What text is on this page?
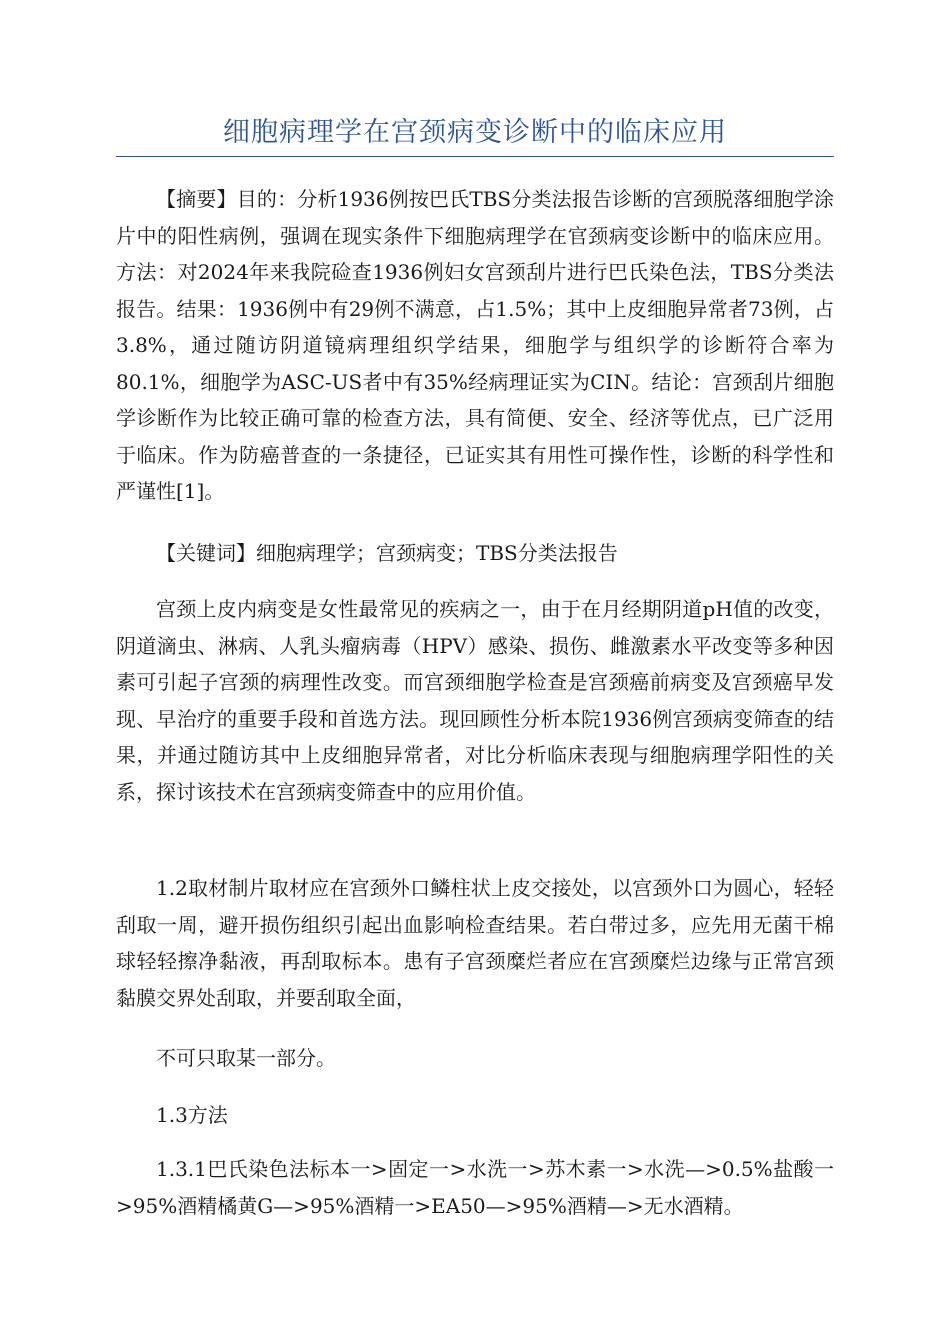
细胞病理学在宫颈病变诊断中的临床应用

【摘要】目的：分析1936例按巴氏TBS分类法报告诊断的宫颈脱落细胞学涂片中的阳性病例，强调在现实条件下细胞病理学在官颈病变诊断中的临床应用。方法：对2024年来我院硷查1936例妇女宫颈刮片进行巴氏染色法，TBS分类法报告。结果：1936例中有29例不满意，占1.5%；其中上皮细胞异常者73例，占3.8%，通过随访阴道镜病理组织学结果，细胞学与组织学的诊断符合率为80.1%，细胞学为ASC-US者中有35%经病理证实为CIN。结论：宫颈刮片细胞学诊断作为比较正确可靠的检查方法，具有简便、安全、经济等优点，已广泛用于临床。作为防癌普查的一条捷径，已证实其有用性可操作性，诊断的科学性和严谨性[1]。

【关键词】细胞病理学；宫颈病变；TBS分类法报告

宫颈上皮内病变是女性最常见的疾病之一，由于在月经期阴道pH值的改变，阴道滴虫、淋病、人乳头瘤病毒（HPV）感染、损伤、雌激素水平改变等多种因素可引起子宫颈的病理性改变。而宫颈细胞学检查是宫颈癌前病变及宫颈癌早发现、早治疗的重要手段和首选方法。现回顾性分析本院1936例宫颈病变筛查的结果，并通过随访其中上皮细胞异常者，对比分析临床表现与细胞病理学阳性的关系，探讨该技术在宫颈病变筛查中的应用价值。

1.2取材制片取材应在宫颈外口鳞柱状上皮交接处，以宫颈外口为圆心，轻轻刮取一周，避开损伤组织引起出血影响检查结果。若白带过多，应先用无菌干棉球轻轻擦净黏液，再刮取标本。患有子宫颈糜烂者应在宫颈糜烂边缘与正常宫颈黏膜交界处刮取，并要刮取全面，

不可只取某一部分。

1.3方法

1.3.1巴氏染色法标本一>固定一>水洗一>苏木素一>水洗—>0.5%盐酸一>95%酒精橘黄G—>95%酒精一>EA50—>95%酒精—>无水酒精。
